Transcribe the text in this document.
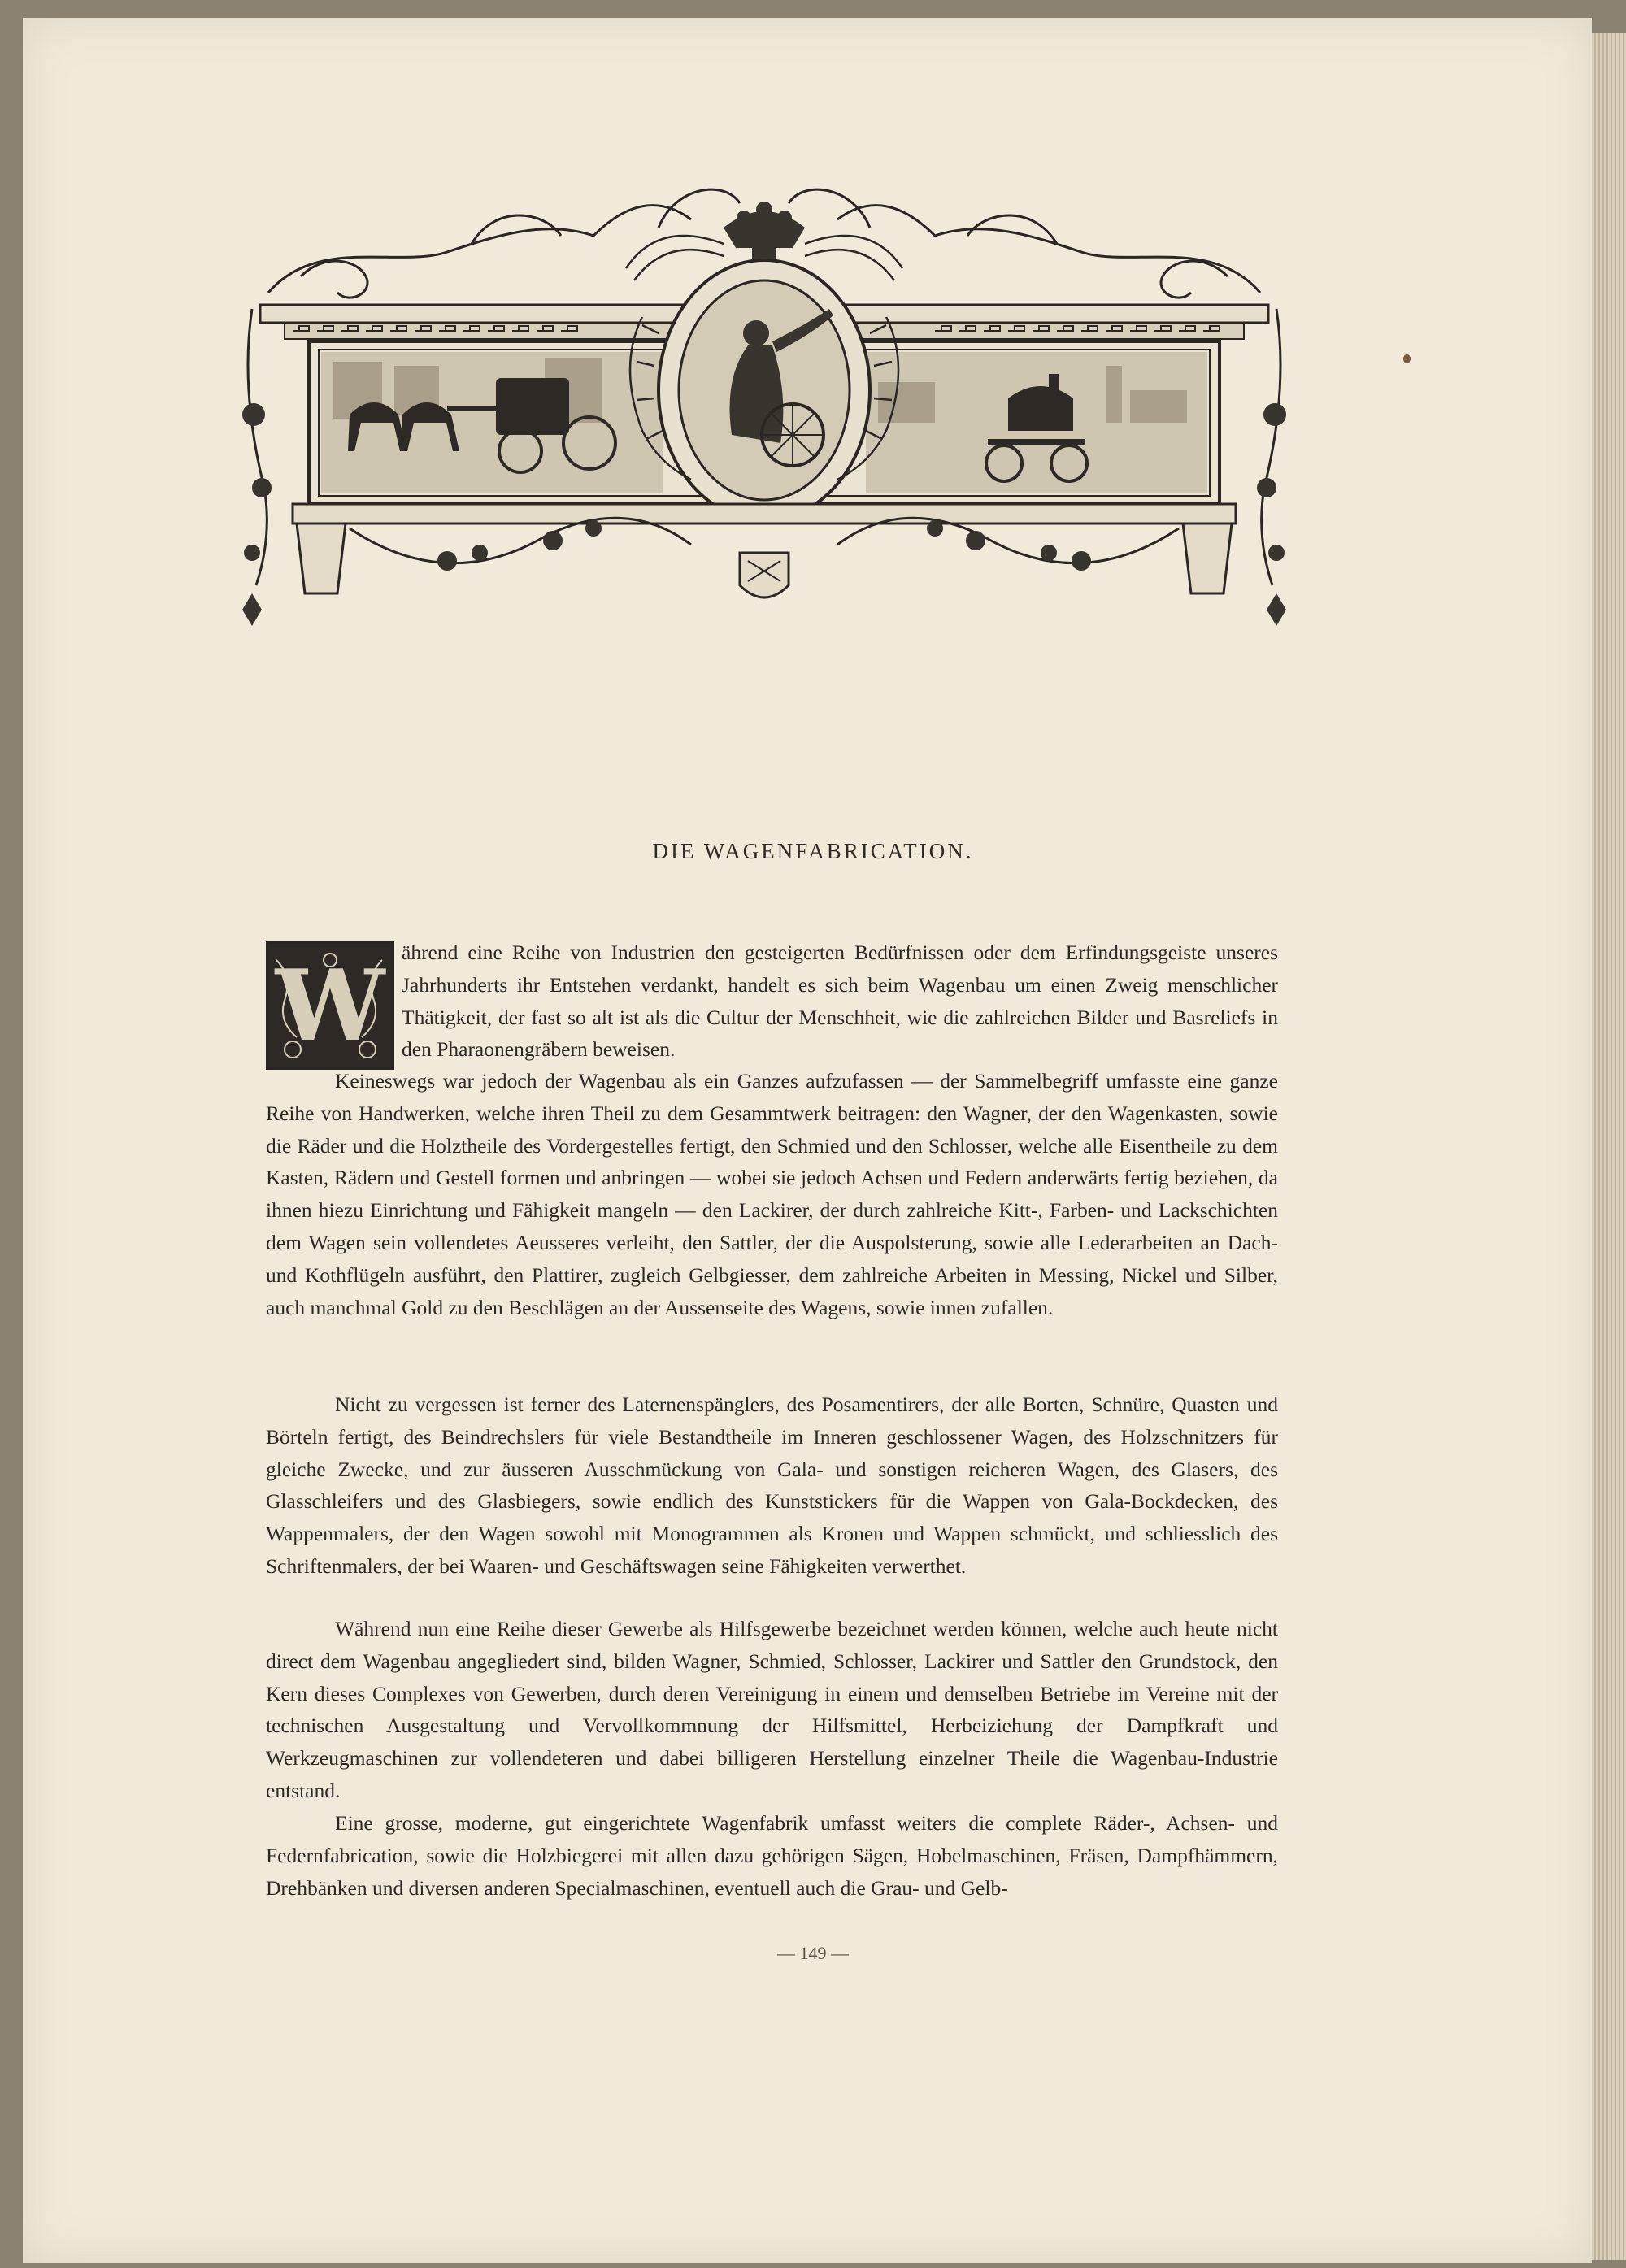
DIE WAGENFABRICATION.
W ährend eine Reihe von Industrien den gesteigerten Bedürfnissen oder dem Erfindungsgeiste unseres Jahrhunderts ihr Entstehen verdankt, handelt es sich beim Wagenbau um einen Zweig menschlicher Thätigkeit, der fast so alt ist als die Cultur der Menschheit, wie die zahlreichen Bilder und Basreliefs in den Pharaonengräbern beweisen.

Keineswegs war jedoch der Wagenbau als ein Ganzes aufzufassen — der Sammelbegriff umfasste eine ganze Reihe von Handwerken, welche ihren Theil zu dem Gesammtwerk beitragen: den Wagner, der den Wagenkasten, sowie die Räder und die Holztheile des Vordergestelles fertigt, den Schmied und den Schlosser, welche alle Eisentheile zu dem Kasten, Rädern und Gestell formen und anbringen — wobei sie jedoch Achsen und Federn anderwärts fertig beziehen, da ihnen hiezu Einrichtung und Fähigkeit mangeln — den Lackirer, der durch zahlreiche Kitt-, Farben- und Lackschichten dem Wagen sein vollendetes Aeusseres verleiht, den Sattler, der die Auspolsterung, sowie alle Lederarbeiten an Dach- und Kothflügeln ausführt, den Plattirer, zugleich Gelbgiesser, dem zahlreiche Arbeiten in Messing, Nickel und Silber, auch manchmal Gold zu den Beschlägen an der Aussenseite des Wagens, sowie innen zufallen.

Nicht zu vergessen ist ferner des Laternenspänglers, des Posamentirers, der alle Borten, Schnüre, Quasten und Börteln fertigt, des Beindrechslers für viele Bestandtheile im Inneren geschlossener Wagen, des Holzschnitzers für gleiche Zwecke, und zur äusseren Ausschmückung von Gala- und sonstigen reicheren Wagen, des Glasers, des Glasschleifers und des Glasbiegers, sowie endlich des Kunststickers für die Wappen von Gala-Bockdecken, des Wappenmalers, der den Wagen sowohl mit Monogrammen als Kronen und Wappen schmückt, und schliesslich des Schriftenmalers, der bei Waaren- und Geschäftswagen seine Fähigkeiten verwerthet.

Während nun eine Reihe dieser Gewerbe als Hilfsgewerbe bezeichnet werden können, welche auch heute nicht direct dem Wagenbau angegliedert sind, bilden Wagner, Schmied, Schlosser, Lackirer und Sattler den Grundstock, den Kern dieses Complexes von Gewerben, durch deren Vereinigung in einem und demselben Betriebe im Vereine mit der technischen Ausgestaltung und Vervollkommnung der Hilfsmittel, Herbeiziehung der Dampfkraft und Werkzeugmaschinen zur vollendeteren und dabei billigeren Herstellung einzelner Theile die Wagenbau-Industrie entstand.

Eine grosse, moderne, gut eingerichtete Wagenfabrik umfasst weiters die complete Räder-, Achsen- und Federnfabrication, sowie die Holzbiegerei mit allen dazu gehörigen Sägen, Hobelmaschinen, Fräsen, Dampfhämmern, Drehbänken und diversen anderen Specialmaschinen, eventuell auch die Grau- und Gelb-

— 149 —
